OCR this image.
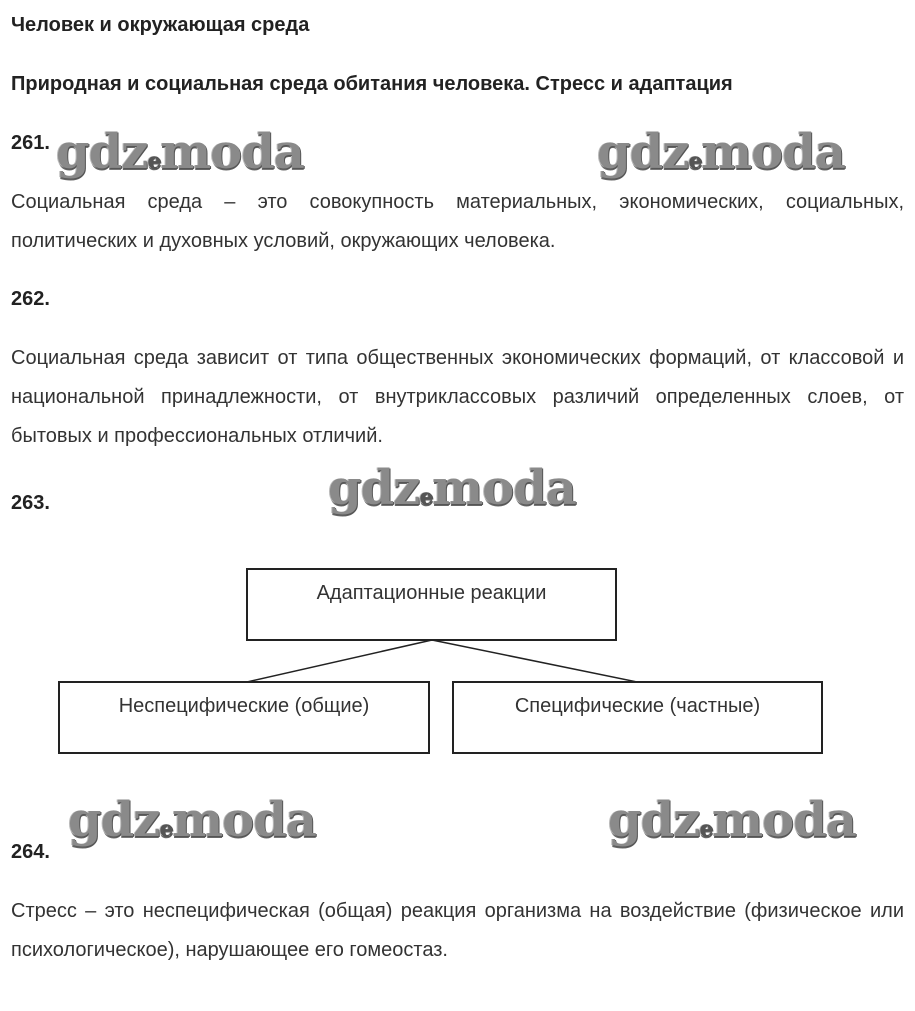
Человек и окружающая среда
Природная и социальная среда обитания человека. Стресс и адаптация
261. gdzemoda	gdzemoda
Социальная среда – это совокупность материальных, экономических, социальных, политических и духовных условий, окружающих человека.
262.
Социальная среда зависит от типа общественных экономических формаций, от классовой и национальной принадлежности, от внутриклассовых различий определенных слоев, от бытовых и профессиональных отличий.
263.	gdzemoda
Адаптационные реакции
Неспецифические (общие)	Специфические (частные)
gdzemoda	gdzemoda
264.
Стресс – это неспецифическая (общая) реакция организма на воздействие (физическое или психологическое), нарушающее его гомеостаз.
